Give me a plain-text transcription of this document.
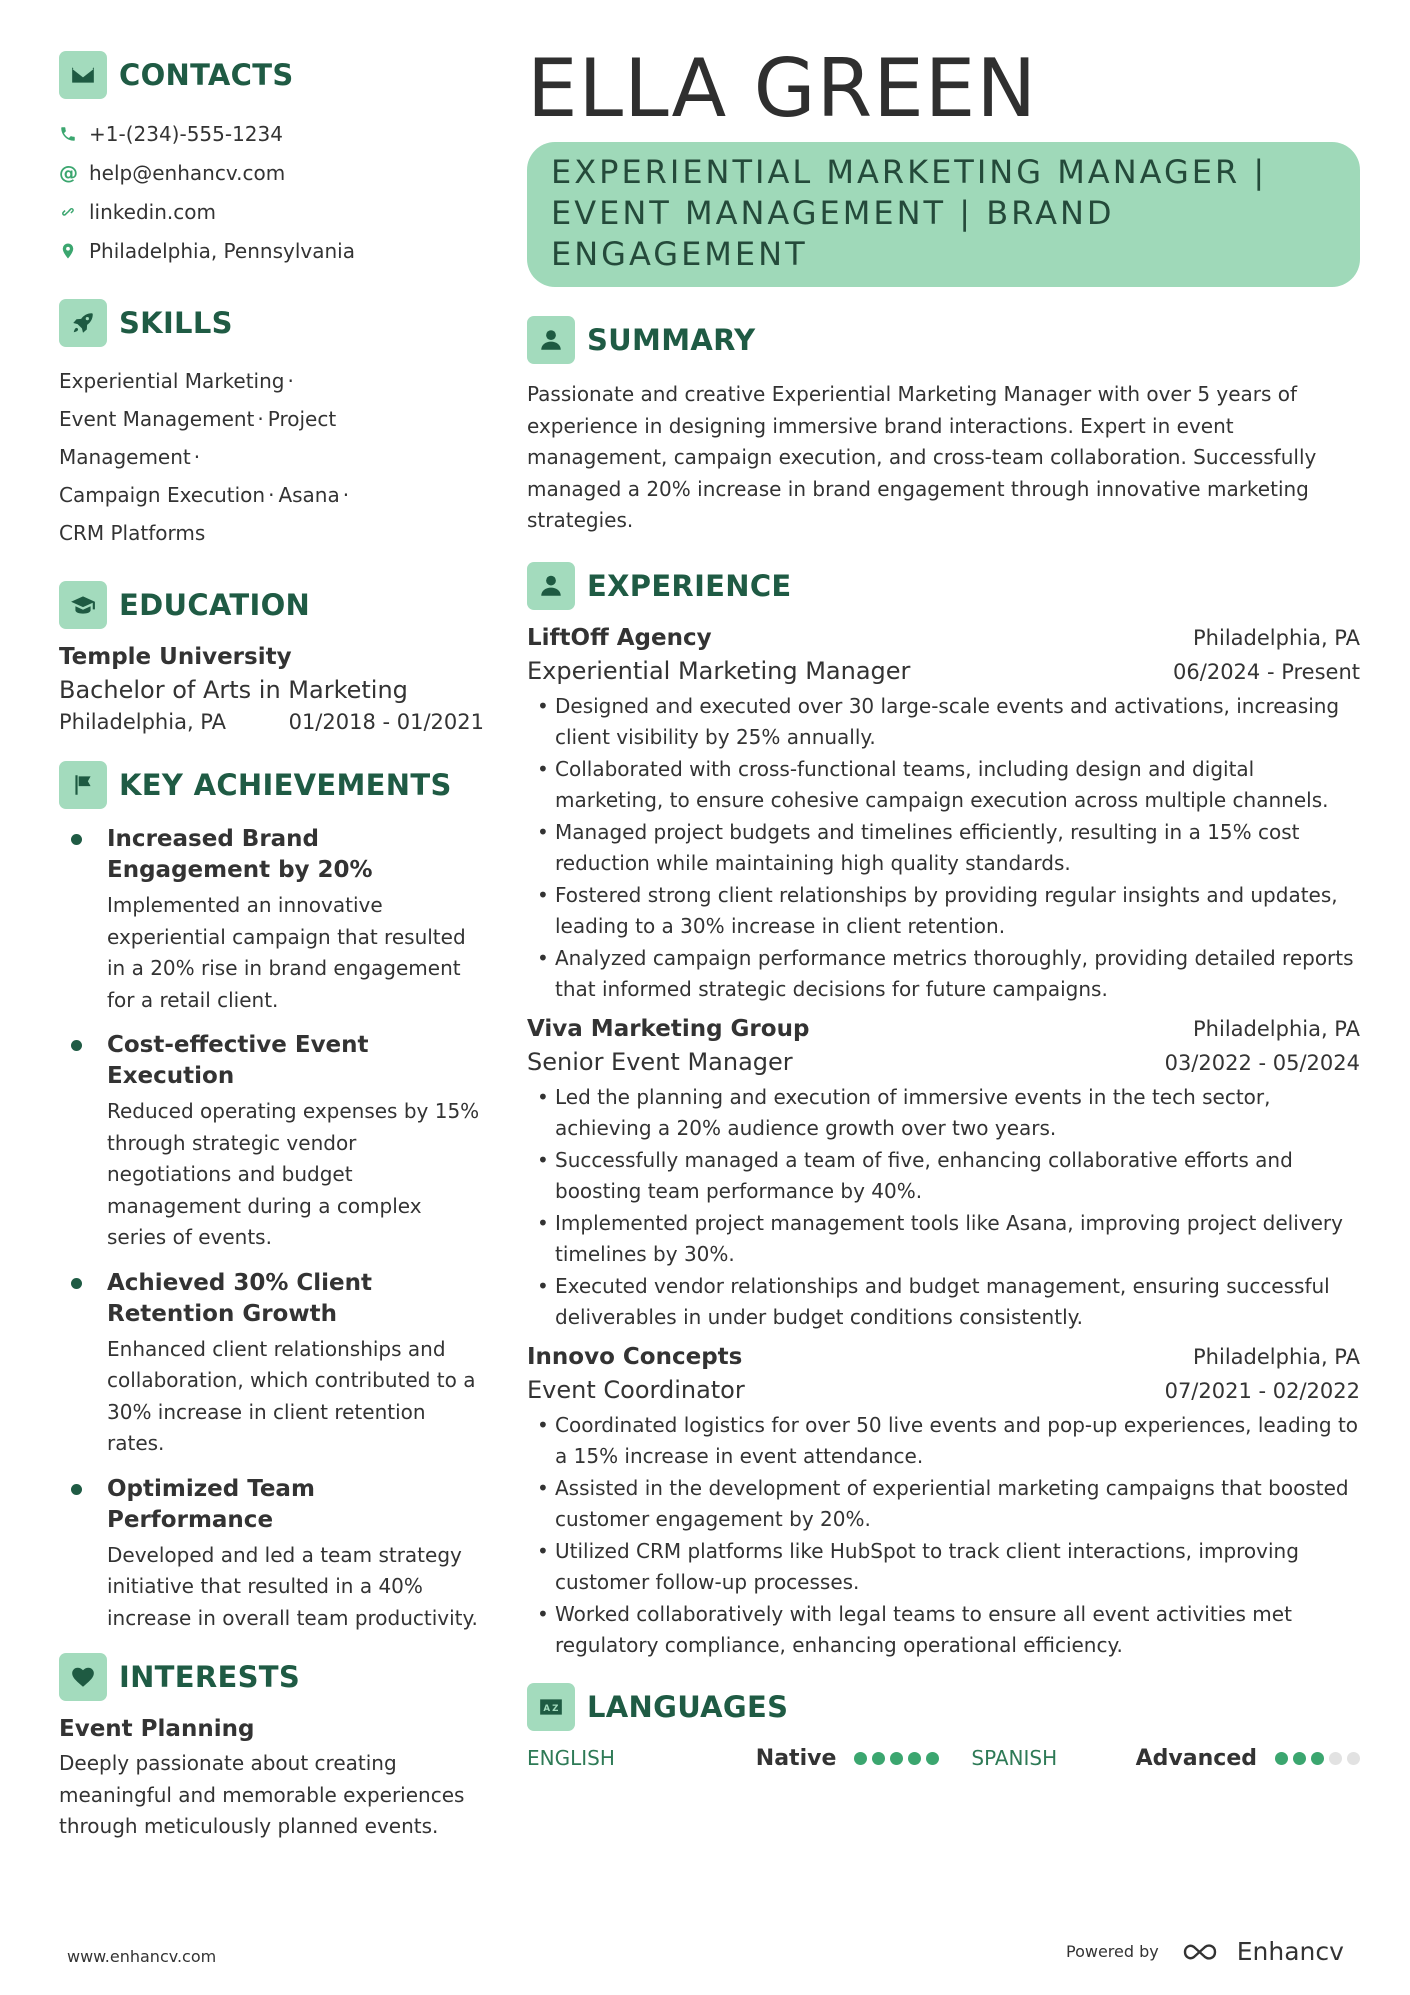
CONTACTS
+1-(234)-555-1234
@ help@enhancv.com
linkedin.com
Philadelphia, Pennsylvania
SKILLS
Experiential Marketing ·
Event Management · Project Management ·
Campaign Execution · Asana ·
CRM Platforms
EDUCATION
Temple University
Bachelor of Arts in Marketing
Philadelphia, PA	01/2018 - 01/2021
KEY ACHIEVEMENTS
Increased Brand Engagement by 20%
Implemented an innovative experiential campaign that resulted in a 20% rise in brand engagement for a retail client.
Cost-effective Event Execution
Reduced operating expenses by 15% through strategic vendor negotiations and budget management during a complex series of events.
Achieved 30% Client Retention Growth
Enhanced client relationships and collaboration, which contributed to a 30% increase in client retention rates.
Optimized Team Performance
Developed and led a team strategy initiative that resulted in a 40% increase in overall team productivity.
INTERESTS
Event Planning
Deeply passionate about creating meaningful and memorable experiences through meticulously planned events.
ELLA GREEN
EXPERIENTIAL MARKETING MANAGER | EVENT MANAGEMENT | BRAND ENGAGEMENT
SUMMARY
Passionate and creative Experiential Marketing Manager with over 5 years of experience in designing immersive brand interactions. Expert in event management, campaign execution, and cross-team collaboration. Successfully managed a 20% increase in brand engagement through innovative marketing strategies.
EXPERIENCE
LiftOff Agency	Philadelphia, PA
Experiential Marketing Manager	06/2024 - Present
• Designed and executed over 30 large-scale events and activations, increasing client visibility by 25% annually.
• Collaborated with cross-functional teams, including design and digital marketing, to ensure cohesive campaign execution across multiple channels.
• Managed project budgets and timelines efficiently, resulting in a 15% cost reduction while maintaining high quality standards.
• Fostered strong client relationships by providing regular insights and updates, leading to a 30% increase in client retention.
• Analyzed campaign performance metrics thoroughly, providing detailed reports that informed strategic decisions for future campaigns.
Viva Marketing Group	Philadelphia, PA
Senior Event Manager	03/2022 - 05/2024
• Led the planning and execution of immersive events in the tech sector, achieving a 20% audience growth over two years.
• Successfully managed a team of five, enhancing collaborative efforts and boosting team performance by 40%.
• Implemented project management tools like Asana, improving project delivery timelines by 30%.
• Executed vendor relationships and budget management, ensuring successful deliverables in under budget conditions consistently.
Innovo Concepts	Philadelphia, PA
Event Coordinator	07/2021 - 02/2022
• Coordinated logistics for over 50 live events and pop-up experiences, leading to a 15% increase in event attendance.
• Assisted in the development of experiential marketing campaigns that boosted customer engagement by 20%.
• Utilized CRM platforms like HubSpot to track client interactions, improving customer follow-up processes.
• Worked collaboratively with legal teams to ensure all event activities met regulatory compliance, enhancing operational efficiency.
A Z LANGUAGES
ENGLISH	Native	SPANISH	Advanced
www.enhancv.com	Powered by	Enhancv
